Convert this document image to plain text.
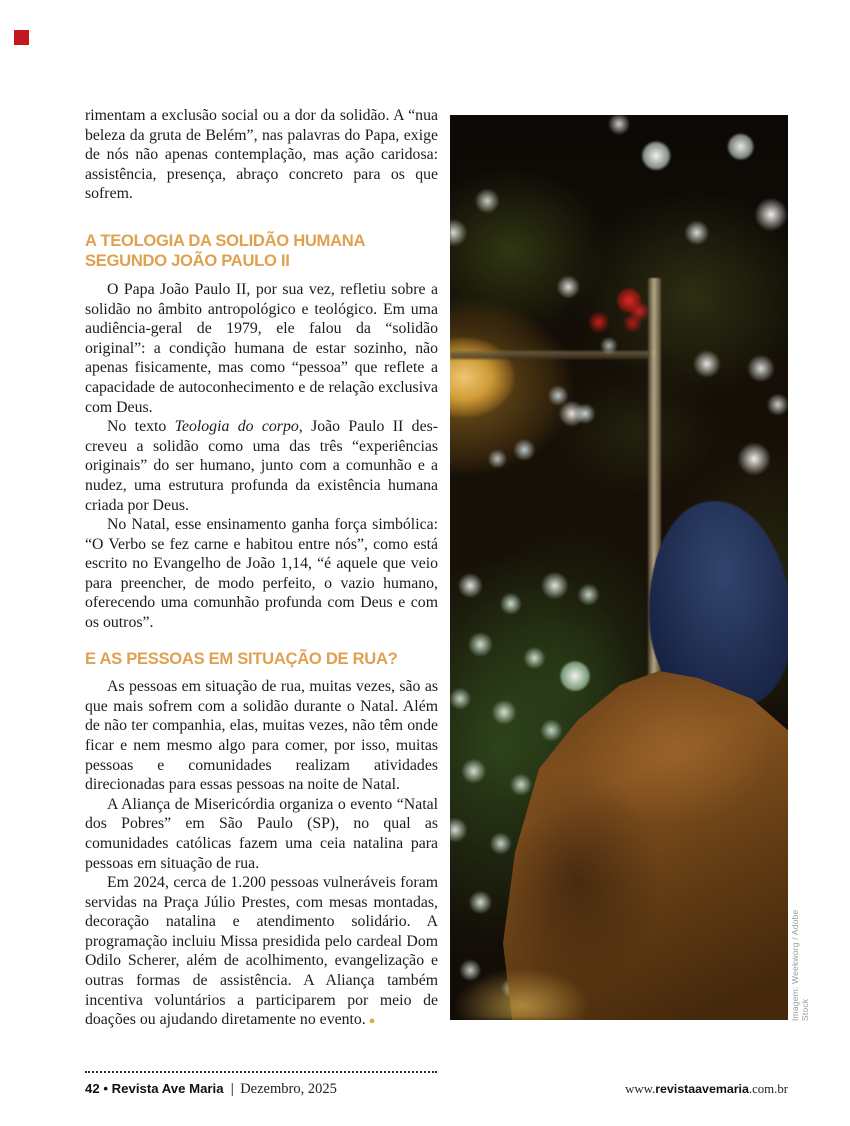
rimentam a exclusão social ou a dor da solidão. A “nua beleza da gruta de Belém”, nas palavras do Papa, exige de nós não apenas contemplação, mas ação caridosa: assistência, presença, abraço concreto para os que sofrem.

A TEOLOGIA DA SOLIDÃO HUMANA SEGUNDO JOÃO PAULO II

O Papa João Paulo II, por sua vez, refletiu sobre a solidão no âmbito antropológico e teológico. Em uma audiência-geral de 1979, ele falou da “solidão original”: a condição humana de estar sozinho, não apenas fisicamente, mas como “pessoa” que reflete a capacidade de autoconhecimento e de relação exclusiva com Deus.

No texto Teologia do corpo, João Paulo II descreveu a solidão como uma das três “experiências originais” do ser humano, junto com a comunhão e a nudez, uma estrutura profunda da existência humana criada por Deus.

No Natal, esse ensinamento ganha força simbólica: “O Verbo se fez carne e habitou entre nós”, como está escrito no Evangelho de João 1,14, “é aquele que veio para preencher, de modo perfeito, o vazio humano, oferecendo uma comunhão profunda com Deus e com os outros”.

E AS PESSOAS EM SITUAÇÃO DE RUA?

As pessoas em situação de rua, muitas vezes, são as que mais sofrem com a solidão durante o Natal. Além de não ter companhia, elas, muitas vezes, não têm onde ficar e nem mesmo algo para comer, por isso, muitas pessoas e comunidades realizam atividades direcionadas para essas pessoas na noite de Natal.

A Aliança de Misericórdia organiza o evento “Natal dos Pobres” em São Paulo (SP), no qual as comunidades católicas fazem uma ceia natalina para pessoas em situação de rua.

Em 2024, cerca de 1.200 pessoas vulneráveis foram servidas na Praça Júlio Prestes, com mesas montadas, decoração natalina e atendimento solidário. A programação incluiu Missa presidida pelo cardeal Dom Odilo Scherer, além de acolhimento, evangelização e outras formas de assistência. A Aliança também incentiva voluntários a participarem por meio de doações ou ajudando diretamente no evento. ●

Imagem: Weekworg / Adobe Stock
42 • Revista Ave Maria | Dezembro, 2025	www.revistaavemaria.com.br
